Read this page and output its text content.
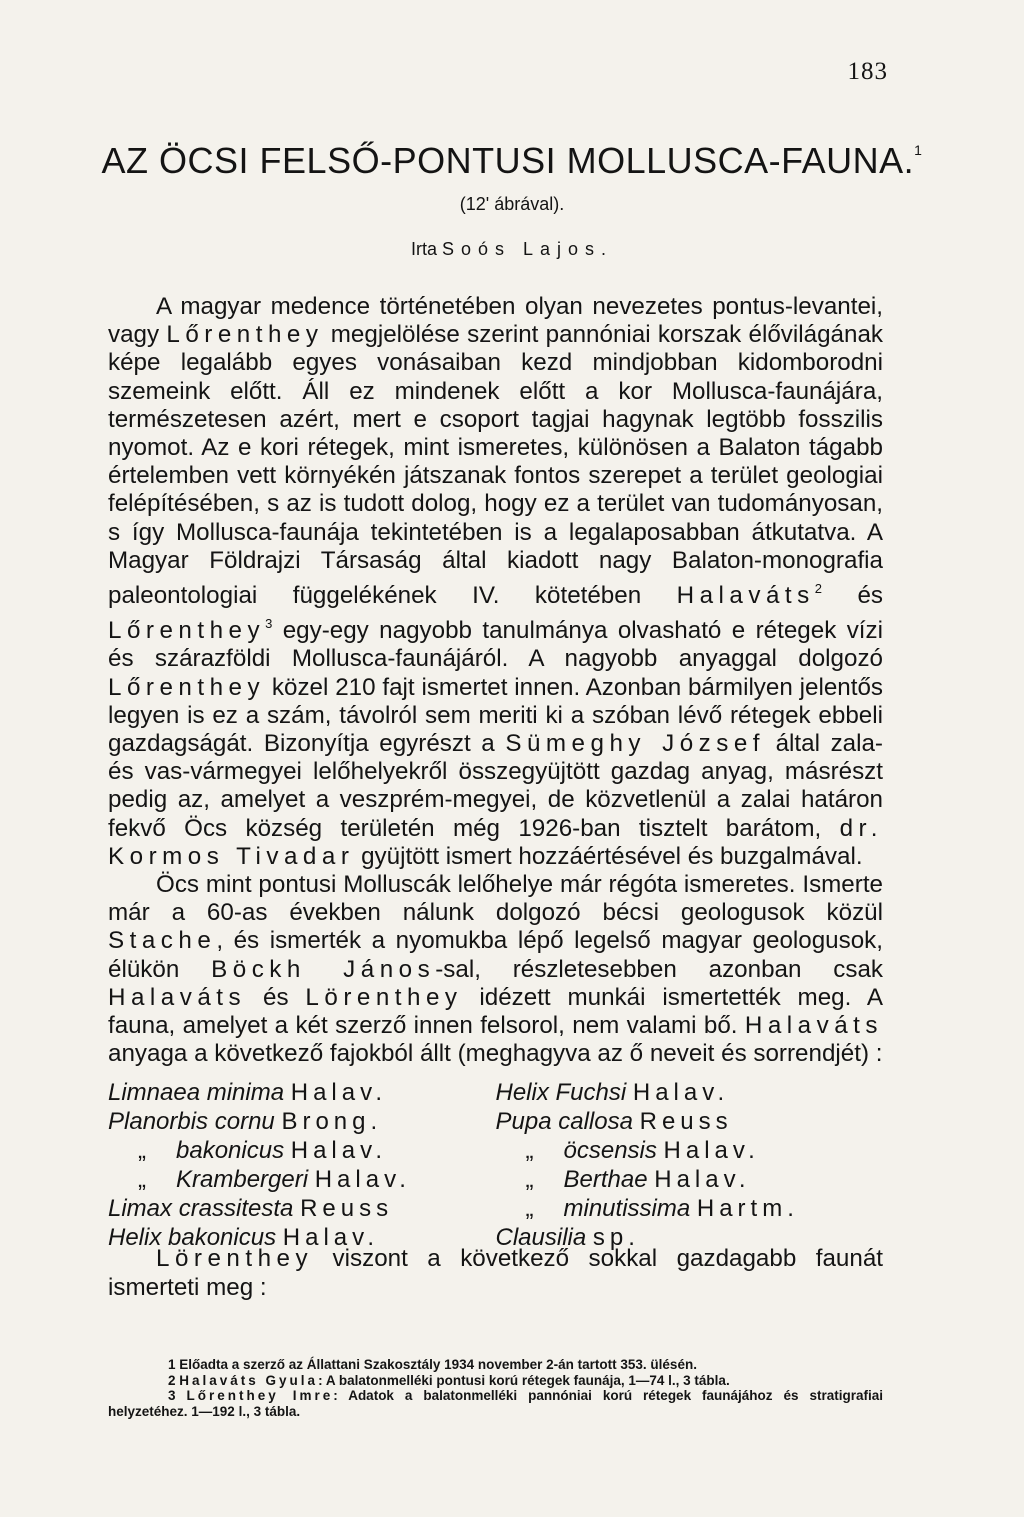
183
AZ ÖCSI FELSŐ-PONTUSI MOLLUSCA-FAUNA.$^1$
(12' ábrával).
Irta Soós Lajos.

A magyar medence történetében olyan nevezetes pontus-levantei, vagy Lőrenthey megjelölése szerint pannóniai korszak élővilágának képe legalább egyes vonásaiban kezd mindjobban kidomborodni szemeink előtt. Áll ez mindenek előtt a kor Mollusca-faunájára, természetesen azért, mert e csoport tagjai hagynak legtöbb fosszilis nyomot. Az e kori rétegek, mint ismeretes, különösen a Balaton tágabb értelemben vett környékén játszanak fontos szerepet a terület geologiai felépítésében, s az is tudott dolog, hogy ez a terület van tudományosan, s így Mollusca-faunája tekintetében is a legalaposabban átkutatva. A Magyar Földrajzi Társaság által kiadott nagy Balaton-monografia paleontologiai függelékének IV. kötetében Halaváts$^2$ és Lőrenthey$^3$ egy-egy nagyobb tanulmánya olvasható e rétegek vízi és szárazföldi Mollusca-faunájáról. A nagyobb anyaggal dolgozó Lőrenthey közel 210 fajt ismertet innen. Azonban bármilyen jelentős legyen is ez a szám, távolról sem meriti ki a szóban lévő rétegek ebbeli gazdagságát. Bizonyítja egyrészt a Sümeghy József által zala- és vas-vármegyei lelőhelyekről összegyüjtött gazdag anyag, másrészt pedig az, amelyet a veszprém-megyei, de közvetlenül a zalai határon fekvő Öcs község területén még 1926-ban tisztelt barátom, dr. Kormos Tivadar gyüjtött ismert hozzáértésével és buzgalmával.

Öcs mint pontusi Molluscák lelőhelye már régóta ismeretes. Ismerte már a 60-as években nálunk dolgozó bécsi geologusok közül Stache, és ismerték a nyomukba lépő legelső magyar geologusok, élükön Böckh János-sal, részletesebben azonban csak Halaváts és Lörenthey idézett munkái ismertették meg. A fauna, amelyet a két szerző innen felsorol, nem valami bő. Halaváts anyaga a következő fajokból állt (meghagyva az ő neveit és sorrendjét) :

Limnaea minima Halav.	Helix Fuchsi Halav.
Planorbis cornu Brong.	Pupa callosa Reuss
„ bakonicus Halav.	„ öcsensis Halav.
„ Krambergeri Halav.	„ Berthae Halav.
Limax crassitesta Reuss	„ minutissima Hartm.
Helix bakonicus Halav.	Clausilia sp.

Lörenthey viszont a következő sokkal gazdagabb faunát ismerteti meg :

1 Előadta a szerző az Állattani Szakosztály 1934 november 2-án tartott 353. ülésén.

2 Halaváts Gyula: A balatonmelléki pontusi korú rétegek faunája, 1—74 l., 3 tábla.

3 Lőrenthey Imre: Adatok a balatonmelléki pannóniai korú rétegek faunájához és stratigrafiai helyzetéhez. 1—192 l., 3 tábla.
